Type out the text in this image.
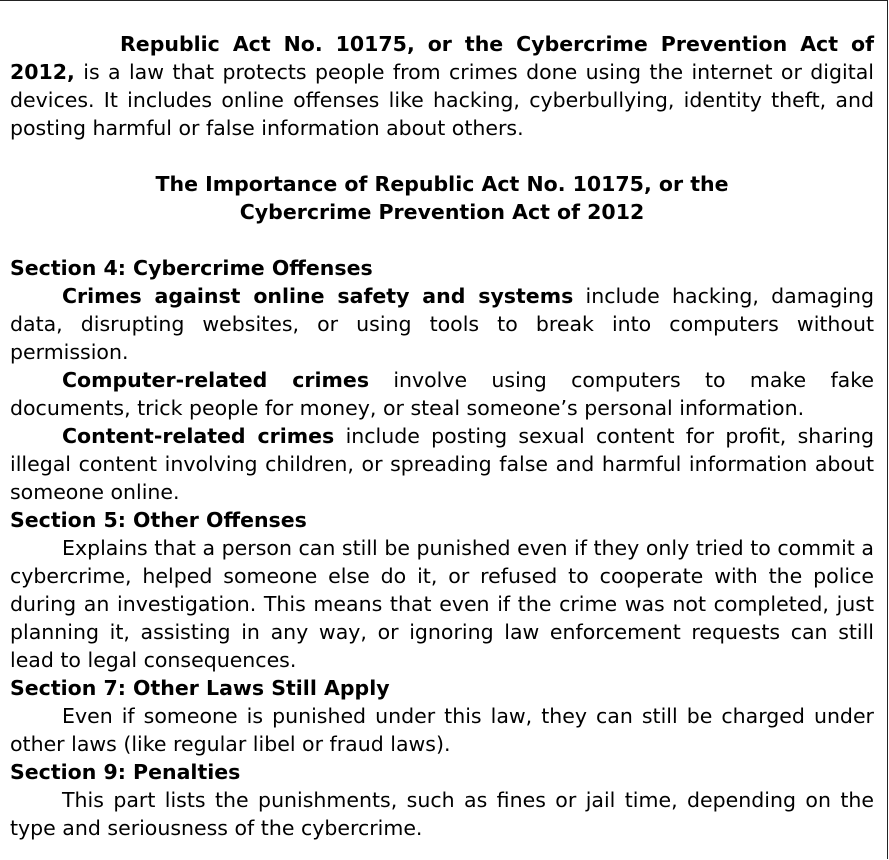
Republic Act No. 10175, or the Cybercrime Prevention Act of 2012, is a law that protects people from crimes done using the internet or digital devices. It includes online offenses like hacking, cyberbullying, identity theft, and posting harmful or false information about others.

The Importance of Republic Act No. 10175, or the

Cybercrime Prevention Act of 2012

Section 4: Cybercrime Offenses

Crimes against online safety and systems include hacking, damaging data, disrupting websites, or using tools to break into computers without permission.

Computer-related crimes involve using computers to make fake documents, trick people for money, or steal someone’s personal information.

Content-related crimes include posting sexual content for profit, sharing illegal content involving children, or spreading false and harmful information about someone online.

Section 5: Other Offenses

Explains that a person can still be punished even if they only tried to commit a cybercrime, helped someone else do it, or refused to cooperate with the police during an investigation. This means that even if the crime was not completed, just planning it, assisting in any way, or ignoring law enforcement requests can still lead to legal consequences.

Section 7: Other Laws Still Apply

Even if someone is punished under this law, they can still be charged under other laws (like regular libel or fraud laws).

Section 9: Penalties

This part lists the punishments, such as fines or jail time, depending on the type and seriousness of the cybercrime.
